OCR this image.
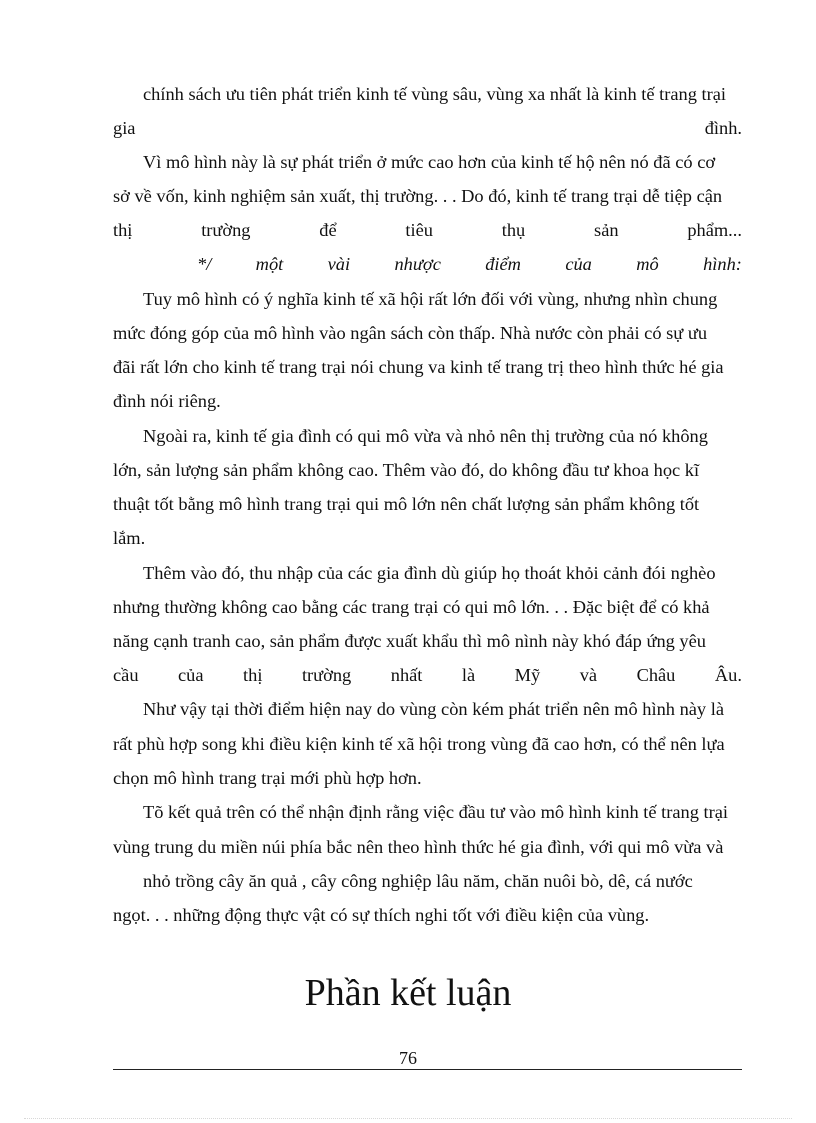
chính sách ưu tiên phát triển kinh tế vùng sâu, vùng xa nhất là kinh tế trang trại
gia	đình.
Vì mô hình này là sự phát triển ở mức cao hơn của kinh tế hộ nên nó đã có cơ
sở về vốn, kinh nghiệm sản xuất, thị trường. . . Do đó, kinh tế trang trại dễ tiệp cận
thị	trường	để	tiêu	thụ	sản	phẩm...
*/ một vài nhược điểm của mô hình:
Tuy mô hình có ý nghĩa kinh tế xã hội rất lớn đối với vùng, nhưng nhìn chung
mức đóng góp của mô hình vào ngân sách còn thấp. Nhà nước còn phải có sự ưu
đãi rất lớn cho kinh tế trang trại nói chung va kinh tế trang trị theo hình thức hé gia
đình nói riêng.
Ngoài ra, kinh tế gia đình có qui mô vừa và nhỏ nên thị trường của nó không
lớn, sản lượng sản phẩm không cao. Thêm vào đó, do không đầu tư khoa học kĩ
thuật tốt bằng mô hình trang trại qui mô lớn nên chất lượng sản phẩm không tốt
lắm.
Thêm vào đó, thu nhập của các gia đình dù giúp họ thoát khỏi cảnh đói nghèo
nhưng thường không cao bằng các trang trại có qui mô lớn. . . Đặc biệt để có khả
năng cạnh tranh cao, sản phẩm được xuất khẩu thì mô nình này khó đáp ứng yêu
cầu của thị trường nhất là Mỹ và Châu Âu.
Như vậy tại thời điểm hiện nay do vùng còn kém phát triển nên mô hình này là
rất phù hợp song khi điều kiện kinh tế xã hội trong vùng đã cao hơn, có thể nên lựa
chọn mô hình trang trại mới phù hợp hơn.
Tõ kết quả trên có thể nhận định rằng việc đầu tư vào mô hình kinh tế trang trại
vùng trung du miền núi phía bắc nên theo hình thức hé gia đình, với qui mô vừa và
nhỏ trồng cây ăn quả , cây công nghiệp lâu năm, chăn nuôi bò, dê, cá nước
ngọt. . . những động thực vật có sự thích nghi tốt với điều kiện của vùng.
Phần kết luận
76
